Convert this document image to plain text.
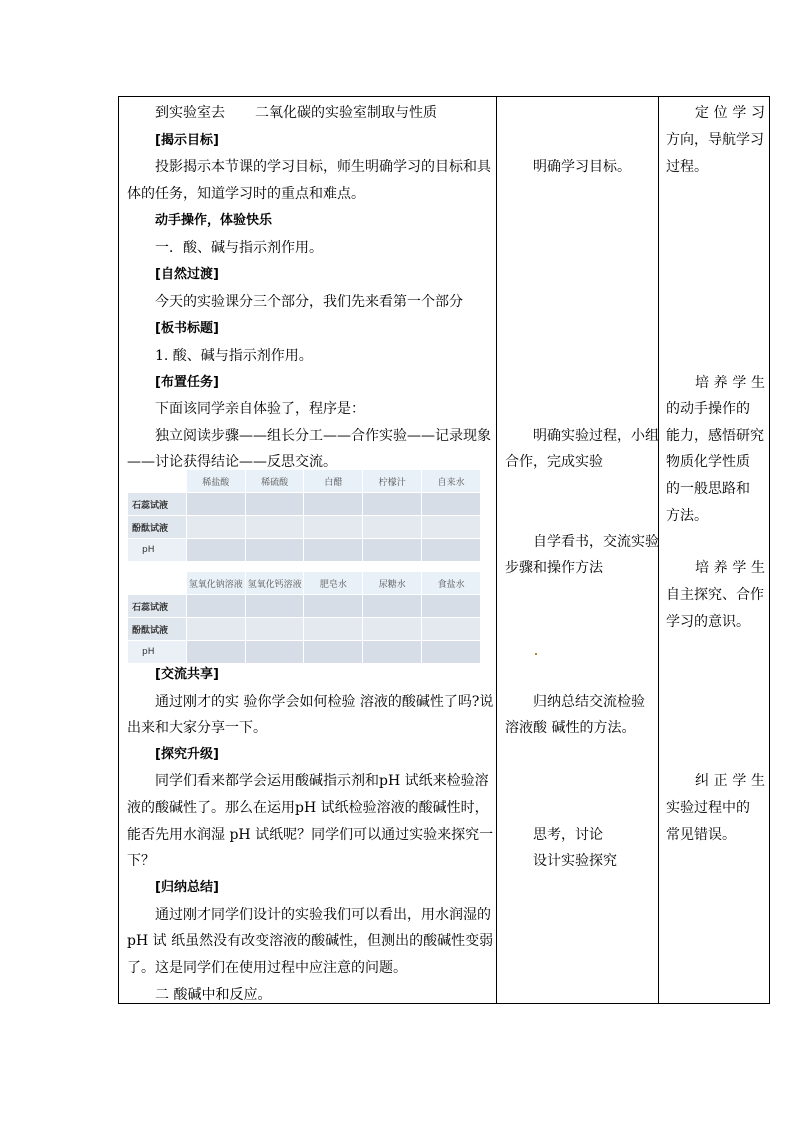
到实验室去 二氧化碳的实验室制取与性质
[揭示目标]
投影揭示本节课的学习目标，师生明确学习的目标和具
体的任务，知道学习时的重点和难点。
动手操作，体验快乐
一．酸、碱与指示剂作用。
[自然过渡]
今天的实验课分三个部分，我们先来看第一个部分
[板书标题]
1. 酸、碱与指示剂作用。
[布置任务]
下面该同学亲自体验了，程序是：
独立阅读步骤——组长分工——合作实验——记录现象
——讨论获得结论——反思交流。
	稀盐酸	稀硫酸	白醋	柠檬汁	自来水
石蕊试液					
酚酞试液					
pH					
	氢氧化钠溶液	氢氧化钙溶液	肥皂水	尿糖水	食盐水
石蕊试液					
酚酞试液					
pH					
[交流共享]
通过刚才的实 验你学会如何检验 溶液的酸碱性了吗?说
出来和大家分享一下。
[探究升级]
同学们看来都学会运用酸碱指示剂和pH 试纸来检验溶
液的酸碱性了。那么在运用pH 试纸检验溶液的酸碱性时，
能否先用水润湿 pH 试纸呢？同学们可以通过实验来探究一
下？
[归纳总结]
通过刚才同学们设计的实验我们可以看出，用水润湿的
pH 试 纸虽然没有改变溶液的酸碱性，但测出的酸碱性变弱
了。这是同学们在使用过程中应注意的问题。
二 酸碱中和反应。
明确学习目标。
明确实验过程，小组
合作，完成实验
自学看书，交流实验
步骤和操作方法
归纳总结交流检验
溶液酸 碱性的方法。
思考，讨论
设计实验探究
定位学习
方向，导航学习
过程。
培养学生
的动手操作的
能力，感悟研究
物质化学性质
的一般思路和
方法。
培养学生
自主探究、合作
学习的意识。
纠正学生
实验过程中的
常见错误。
